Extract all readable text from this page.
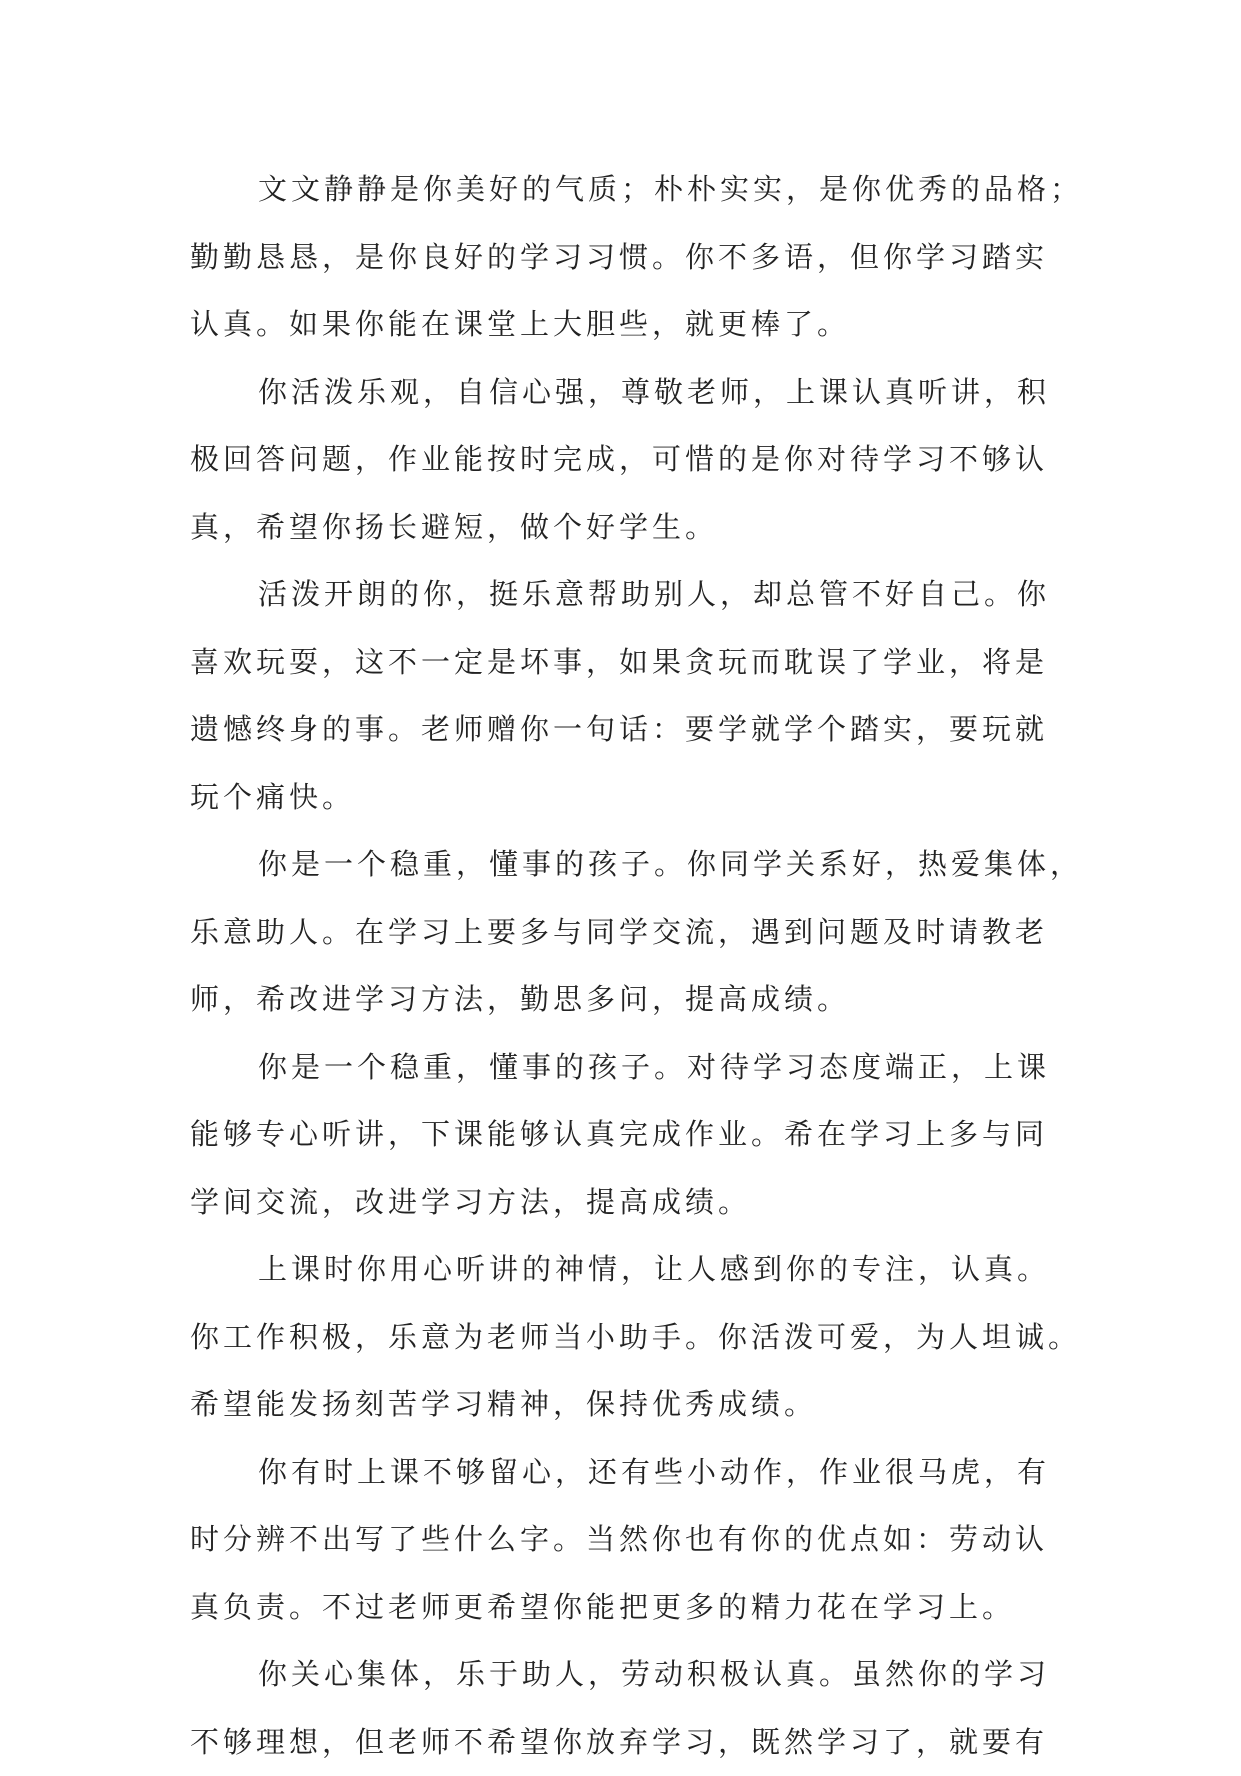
文文静静是你美好的气质；朴朴实实，是你优秀的品格；
勤勤恳恳，是你良好的学习习惯。你不多语，但你学习踏实
认真。如果你能在课堂上大胆些，就更棒了。

你活泼乐观，自信心强，尊敬老师，上课认真听讲，积
极回答问题，作业能按时完成，可惜的是你对待学习不够认
真，希望你扬长避短，做个好学生。

活泼开朗的你，挺乐意帮助别人，却总管不好自己。你
喜欢玩耍，这不一定是坏事，如果贪玩而耽误了学业，将是
遗憾终身的事。老师赠你一句话：要学就学个踏实，要玩就
玩个痛快。

你是一个稳重，懂事的孩子。你同学关系好，热爱集体，
乐意助人。在学习上要多与同学交流，遇到问题及时请教老
师，希改进学习方法，勤思多问，提高成绩。

你是一个稳重，懂事的孩子。对待学习态度端正，上课
能够专心听讲，下课能够认真完成作业。希在学习上多与同
学间交流，改进学习方法，提高成绩。

上课时你用心听讲的神情，让人感到你的专注，认真。
你工作积极，乐意为老师当小助手。你活泼可爱，为人坦诚。
希望能发扬刻苦学习精神，保持优秀成绩。

你有时上课不够留心，还有些小动作，作业很马虎，有
时分辨不出写了些什么字。当然你也有你的优点如：劳动认
真负责。不过老师更希望你能把更多的精力花在学习上。

你关心集体，乐于助人，劳动积极认真。虽然你的学习
不够理想，但老师不希望你放弃学习，既然学习了，就要有
